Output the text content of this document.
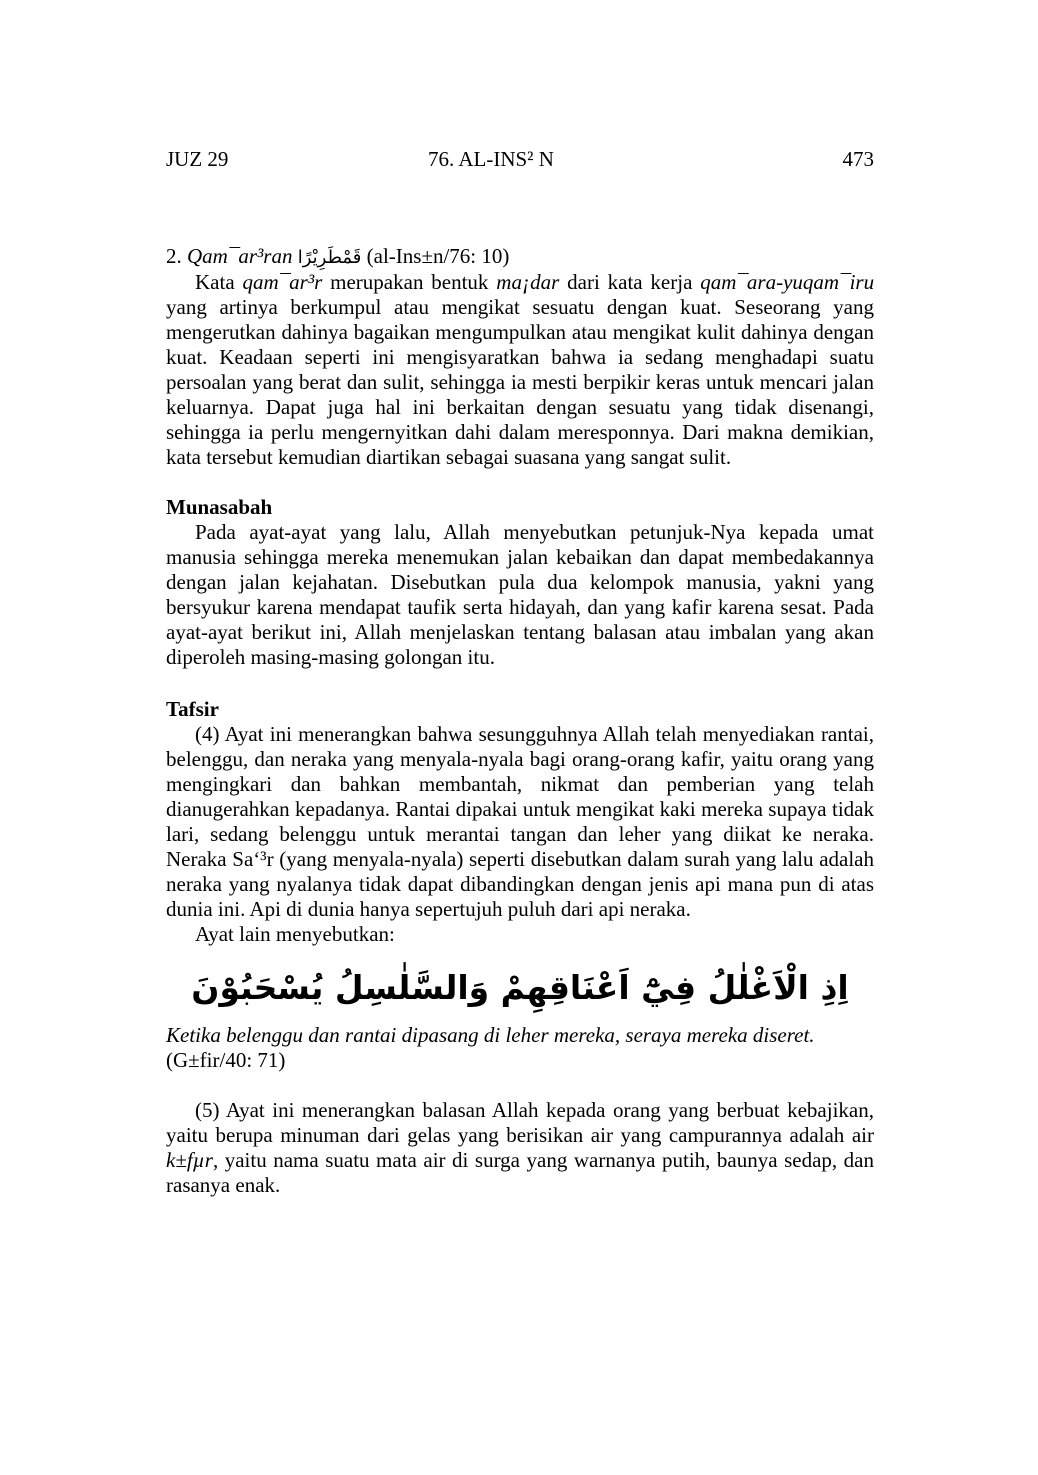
JUZ 29	76. AL-INS² N	473

2. Qam¯ar³ran قَمْطَرِيْرًا (al-Ins±n/76: 10)

Kata qam¯ar³r merupakan bentuk ma¡dar dari kata kerja qam¯ara-yuqam¯iru yang artinya berkumpul atau mengikat sesuatu dengan kuat. Seseorang yang mengerutkan dahinya bagaikan mengumpulkan atau mengikat kulit dahinya dengan kuat. Keadaan seperti ini mengisyaratkan bahwa ia sedang menghadapi suatu persoalan yang berat dan sulit, sehingga ia mesti berpikir keras untuk mencari jalan keluarnya. Dapat juga hal ini berkaitan dengan sesuatu yang tidak disenangi, sehingga ia perlu mengernyitkan dahi dalam meresponnya. Dari makna demikian, kata tersebut kemudian diartikan sebagai suasana yang sangat sulit.

Munasabah

Pada ayat-ayat yang lalu, Allah menyebutkan petunjuk-Nya kepada umat manusia sehingga mereka menemukan jalan kebaikan dan dapat membedakannya dengan jalan kejahatan. Disebutkan pula dua kelompok manusia, yakni yang bersyukur karena mendapat taufik serta hidayah, dan yang kafir karena sesat. Pada ayat-ayat berikut ini, Allah menjelaskan tentang balasan atau imbalan yang akan diperoleh masing-masing golongan itu.

Tafsir

(4) Ayat ini menerangkan bahwa sesungguhnya Allah telah menyediakan rantai, belenggu, dan neraka yang menyala-nyala bagi orang-orang kafir, yaitu orang yang mengingkari dan bahkan membantah, nikmat dan pemberian yang telah dianugerahkan kepadanya. Rantai dipakai untuk mengikat kaki mereka supaya tidak lari, sedang belenggu untuk merantai tangan dan leher yang diikat ke neraka. Neraka Sa‘³r (yang menyala-nyala) seperti disebutkan dalam surah yang lalu adalah neraka yang nyalanya tidak dapat dibandingkan dengan jenis api mana pun di atas dunia ini. Api di dunia hanya sepertujuh puluh dari api neraka.

Ayat lain menyebutkan:

اِذِ الْاَغْلٰلُ فِيْٓ اَعْنَاقِهِمْ وَالسَّلٰسِلُ يُسْحَبُوْنَ

Ketika belenggu dan rantai dipasang di leher mereka, seraya mereka diseret.
(G±fir/40: 71)

(5) Ayat ini menerangkan balasan Allah kepada orang yang berbuat kebajikan, yaitu berupa minuman dari gelas yang berisikan air yang campurannya adalah air k±fµr, yaitu nama suatu mata air di surga yang warnanya putih, baunya sedap, dan rasanya enak.
